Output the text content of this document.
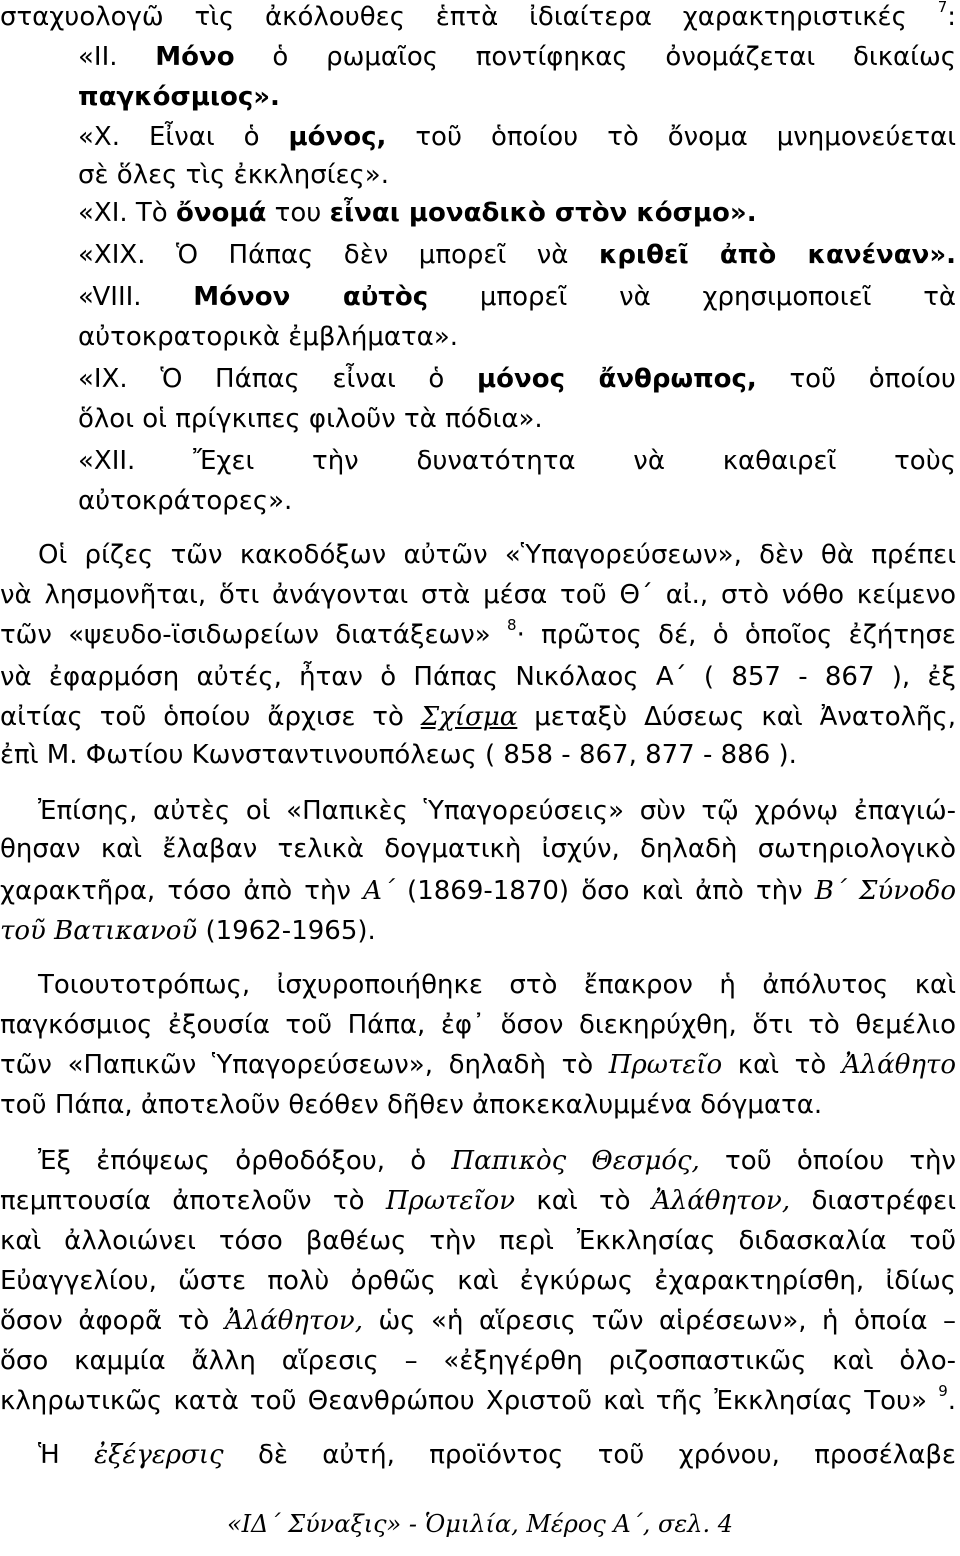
σταχυολογῶ τὶς ἀκόλουθες ἑπτὰ ἰδιαίτερα χαρακτηριστικές $^7$:
«ΙΙ. Μόνο ὁ ρωμαῖος ποντίφηκας ὀνομάζεται δικαίως
παγκόσμιος».
«Χ. Εἶναι ὁ μόνος, τοῦ ὁποίου τὸ ὄνομα μνημονεύεται
σὲ ὅλες τὶς ἐκκλησίες».
«ΧΙ. Τὸ ὄνομά του εἶναι μοναδικὸ στὸν κόσμο».
«ΧΙΧ. Ὁ Πάπας δὲν μπορεῖ νὰ κριθεῖ ἀπὸ κανέναν».
«VIII. Μόνον αὐτὸς μπορεῖ νὰ χρησιμοποιεῖ τὰ
αὐτοκρατορικὰ ἐμβλήματα».
«ΙΧ. Ὁ Πάπας εἶναι ὁ μόνος ἄνθρωπος, τοῦ ὁποίου
ὅλοι οἱ πρίγκιπες φιλοῦν τὰ πόδια».
«ΧΙΙ. Ἔχει τὴν δυνατότητα νὰ καθαιρεῖ τοὺς
αὐτοκράτορες».
Οἱ ρίζες τῶν κακοδόξων αὐτῶν «Ὑπαγορεύσεων», δὲν θὰ πρέπει
νὰ λησμονῆται, ὅτι ἀνάγονται στὰ μέσα τοῦ Θ΄ αἰ., στὸ νόθο κείμενο
τῶν «ψευδο-ϊσιδωρείων διατάξεων» $^8$· πρῶτος δέ, ὁ ὁποῖος ἐζήτησε
νὰ ἐφαρμόση αὐτές, ἦταν ὁ Πάπας Νικόλαος Α΄ ( 857 - 867 ), ἐξ
αἰτίας τοῦ ὁποίου ἄρχισε τὸ Σχίσμα μεταξὺ Δύσεως καὶ Ἀνατολῆς,
ἐπὶ Μ. Φωτίου Κωνσταντινουπόλεως ( 858 - 867, 877 - 886 ).
Ἐπίσης, αὐτὲς οἱ «Παπικὲς Ὑπαγορεύσεις» σὺν τῷ χρόνῳ ἐπαγιώ-
θησαν καὶ ἔλαβαν τελικὰ δογματικὴ ἰσχύν, δηλαδὴ σωτηριολογικὸ
χαρακτῆρα, τόσο ἀπὸ τὴν Α΄ (1869-1870) ὅσο καὶ ἀπὸ τὴν Β΄ Σύνοδο
τοῦ Βατικανοῦ (1962-1965).
Τοιουτοτρόπως, ἰσχυροποιήθηκε στὸ ἔπακρον ἡ ἀπόλυτος καὶ
παγκόσμιος ἐξουσία τοῦ Πάπα, ἐφ᾽ ὅσον διεκηρύχθη, ὅτι τὸ θεμέλιο
τῶν «Παπικῶν Ὑπαγορεύσεων», δηλαδὴ τὸ Πρωτεῖο καὶ τὸ Ἀλάθητο
τοῦ Πάπα, ἀποτελοῦν θεόθεν δῆθεν ἀποκεκαλυμμένα δόγματα.
Ἐξ ἐπόψεως ὀρθοδόξου, ὁ Παπικὸς Θεσμός, τοῦ ὁποίου τὴν
πεμπτουσία ἀποτελοῦν τὸ Πρωτεῖον καὶ τὸ Ἀλάθητον, διαστρέφει
καὶ ἀλλοιώνει τόσο βαθέως τὴν περὶ Ἐκκλησίας διδασκαλία τοῦ
Εὐαγγελίου, ὥστε πολὺ ὀρθῶς καὶ ἐγκύρως ἐχαρακτηρίσθη, ἰδίως
ὅσον ἀφορᾶ τὸ Ἀλάθητον, ὡς «ἡ αἵρεσις τῶν αἱρέσεων», ἡ ὁποία –
ὅσο καμμία ἄλλη αἵρεσις – «ἐξηγέρθη ριζοσπαστικῶς καὶ ὁλο-
κληρωτικῶς κατὰ τοῦ Θεανθρώπου Χριστοῦ καὶ τῆς Ἐκκλησίας Του» $^9$.
Ἡ ἐξέγερσις δὲ αὐτή, προϊόντος τοῦ χρόνου, προσέλαβε
«ΙΔ΄ Σύναξις» - Ὁμιλία, Μέρος Α΄, σελ. 4
